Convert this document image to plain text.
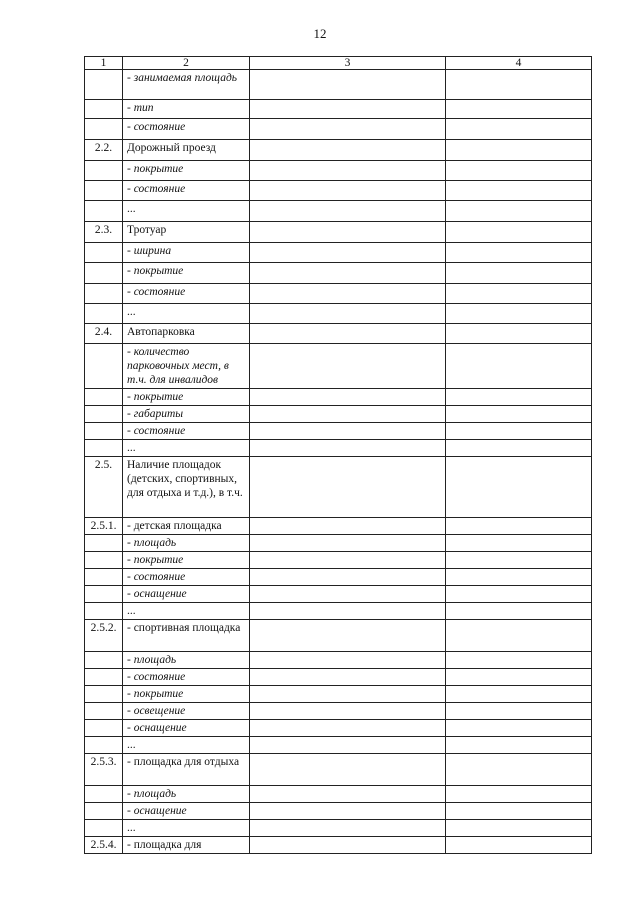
12
1	2	3	4
	- занимаемая площадь		
	- тип		
	- состояние		
2.2.	Дорожный проезд		
	- покрытие		
	- состояние		
	...		
2.3.	Тротуар		
	- ширина		
	- покрытие		
	- состояние		
	...		
2.4.	Автопарковка		
	- количество парковочных мест, в т.ч. для инвалидов		
	- покрытие		
	- габариты		
	- состояние		
	...		
2.5.	Наличие площадок (детских, спортивных, для отдыха и т.д.), в т.ч.		
2.5.1.	- детская площадка		
	- площадь		
	- покрытие		
	- состояние		
	- оснащение		
	...		
2.5.2.	- спортивная площадка		
	- площадь		
	- состояние		
	- покрытие		
	- освещение		
	- оснащение		
	...		
2.5.3.	- площадка для отдыха		
	- площадь		
	- оснащение		
	...		
2.5.4.	- площадка для		
